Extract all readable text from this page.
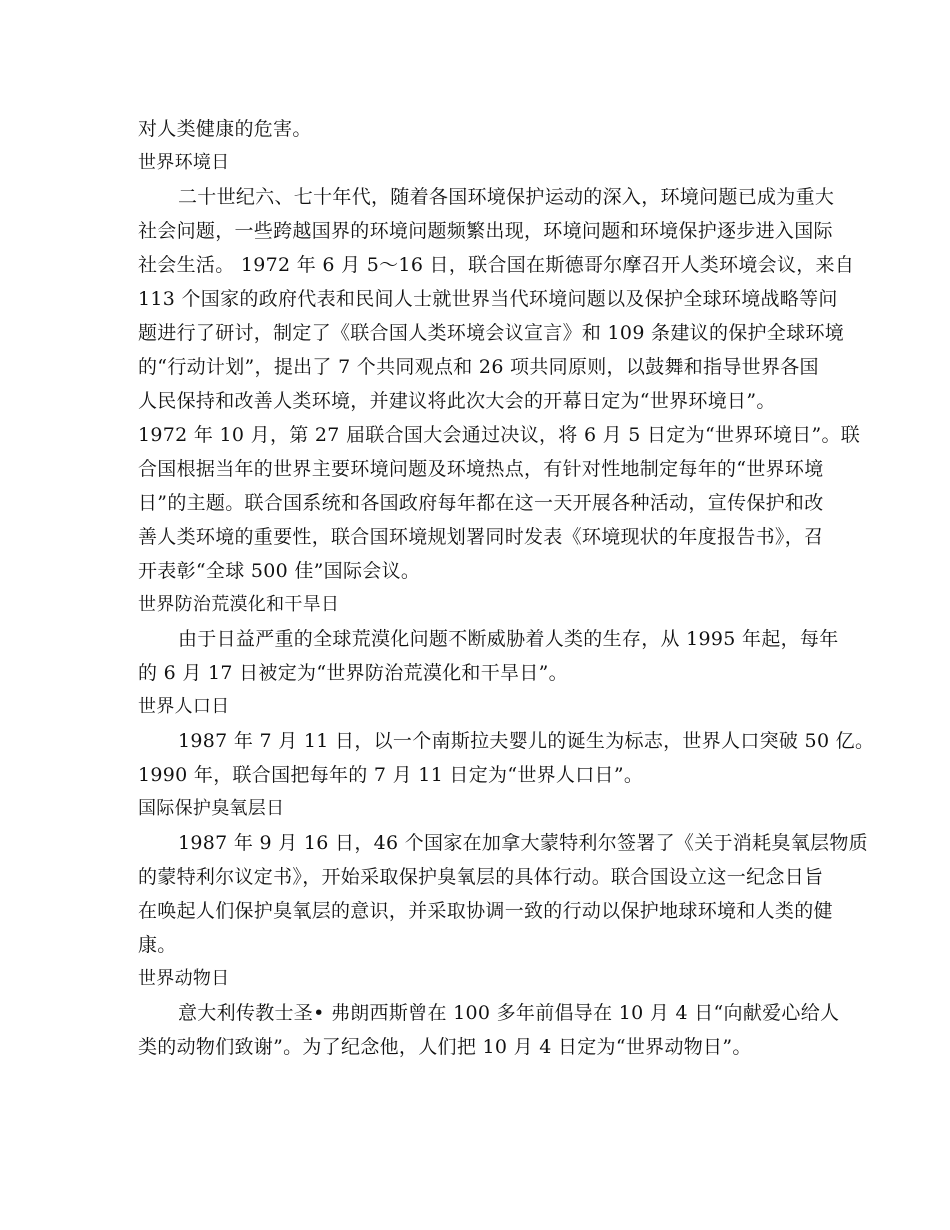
对人类健康的危害。
世界环境日
二十世纪六、七十年代，随着各国环境保护运动的深入，环境问题已成为重大
社会问题，一些跨越国界的环境问题频繁出现，环境问题和环境保护逐步进入国际
社会生活。 1972 年 6 月 5～16 日，联合国在斯德哥尔摩召开人类环境会议，来自
113 个国家的政府代表和民间人士就世界当代环境问题以及保护全球环境战略等问
题进行了研讨，制定了《联合国人类环境会议宣言》和 109 条建议的保护全球环境
的“行动计划”，提出了 7 个共同观点和 26 项共同原则，以鼓舞和指导世界各国
人民保持和改善人类环境，并建议将此次大会的开幕日定为“世界环境日”。
1972 年 10 月，第 27 届联合国大会通过决议，将 6 月 5 日定为“世界环境日”。联
合国根据当年的世界主要环境问题及环境热点，有针对性地制定每年的“世界环境
日”的主题。联合国系统和各国政府每年都在这一天开展各种活动，宣传保护和改
善人类环境的重要性，联合国环境规划署同时发表《环境现状的年度报告书》，召
开表彰“全球 500 佳”国际会议。
世界防治荒漠化和干旱日
由于日益严重的全球荒漠化问题不断威胁着人类的生存，从 1995 年起，每年
的 6 月 17 日被定为“世界防治荒漠化和干旱日”。
世界人口日
1987 年 7 月 11 日，以一个南斯拉夫婴儿的诞生为标志，世界人口突破 50 亿。
1990 年，联合国把每年的 7 月 11 日定为“世界人口日”。
国际保护臭氧层日
1987 年 9 月 16 日，46 个国家在加拿大蒙特利尔签署了《关于消耗臭氧层物质
的蒙特利尔议定书》，开始采取保护臭氧层的具体行动。联合国设立这一纪念日旨
在唤起人们保护臭氧层的意识，并采取协调一致的行动以保护地球环境和人类的健
康。
世界动物日
意大利传教士圣• 弗朗西斯曾在 100 多年前倡导在 10 月 4 日“向献爱心给人
类的动物们致谢”。为了纪念他，人们把 10 月 4 日定为“世界动物日”。
